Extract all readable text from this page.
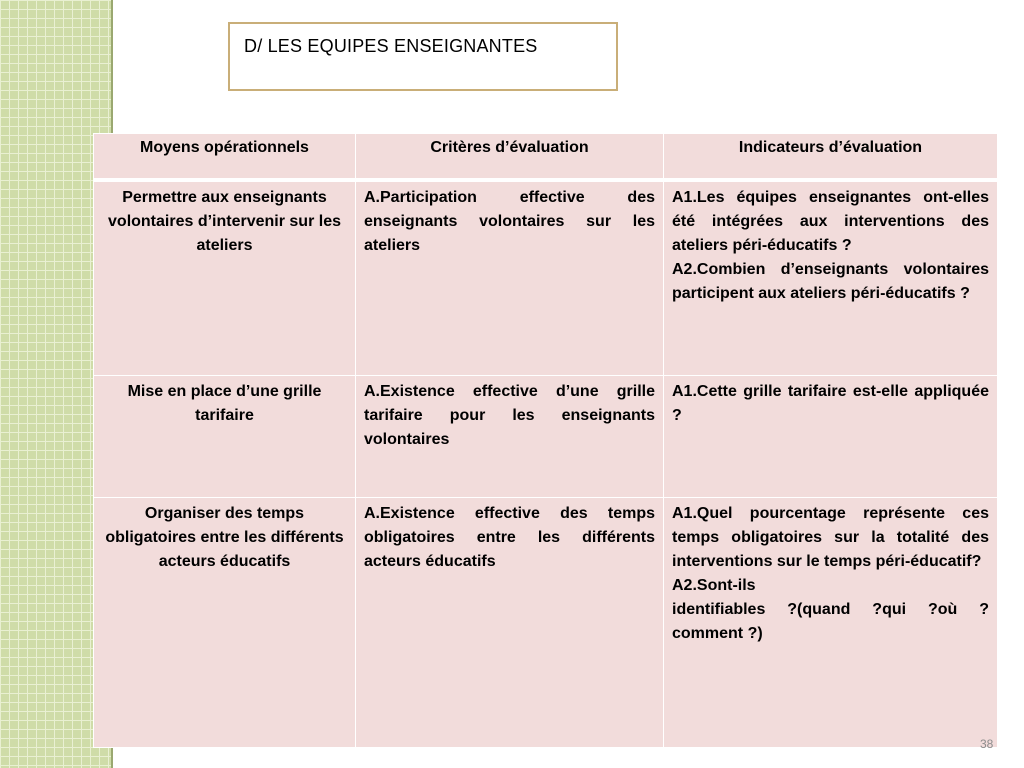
D/ LES EQUIPES ENSEIGNANTES
Moyens opérationnels	Critères d’évaluation	Indicateurs d’évaluation
Permettre aux enseignants volontaires d’intervenir sur les ateliers	A.Participation effective des enseignants volontaires sur les ateliers	A1.Les équipes enseignantes ont-elles été intégrées aux interventions des ateliers péri-éducatifs ?
A2.Combien d’enseignants volontaires participent aux ateliers péri-éducatifs ?

Mise en place d’une grille tarifaire	A.Existence effective d’une grille tarifaire pour les enseignants volontaires	A1.Cette grille tarifaire est-elle appliquée ?

Organiser des temps obligatoires entre les différents acteurs éducatifs	A.Existence effective des temps obligatoires entre les différents acteurs éducatifs	A1.Quel pourcentage représente ces temps obligatoires sur la totalité des interventions sur le temps péri-éducatif?
A2.Sont-ils
identifiables ?(quand ?qui ?où ? comment ?)
38
